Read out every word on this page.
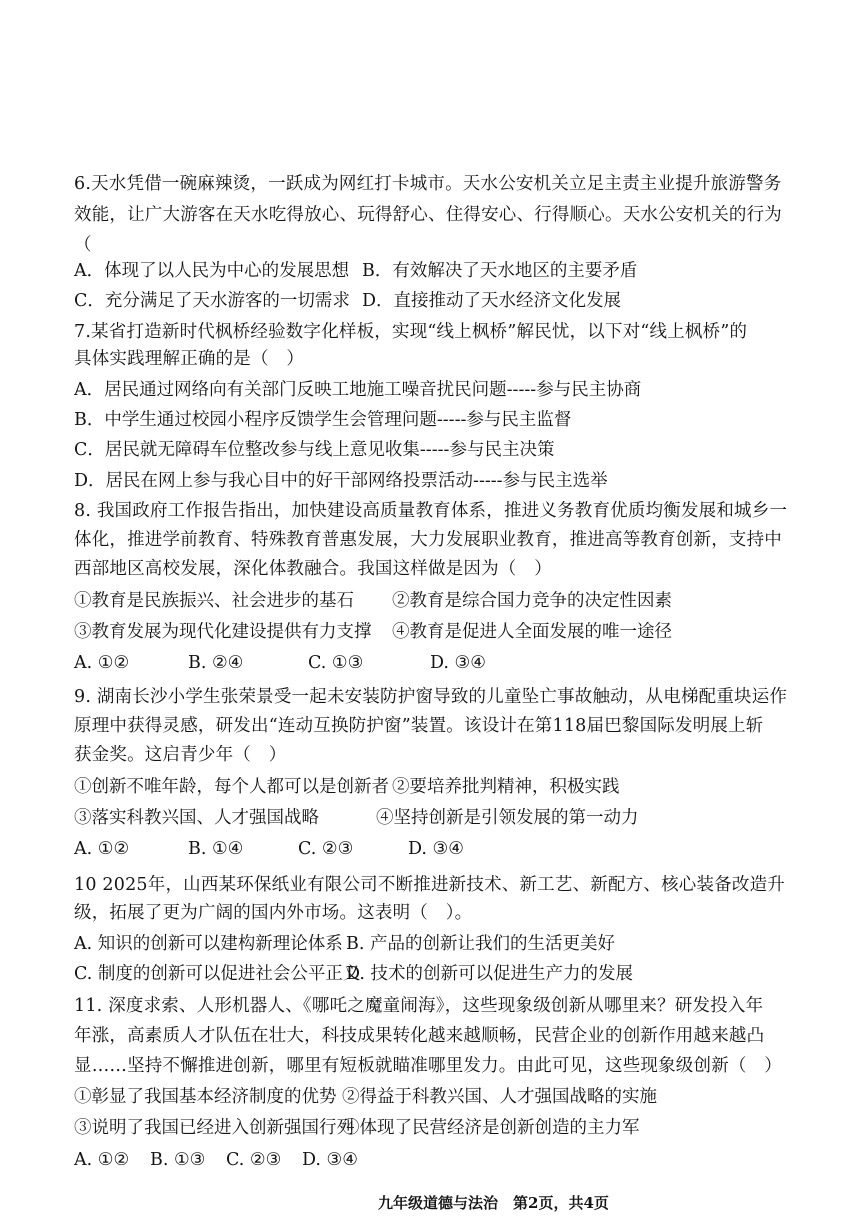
6.天水凭借一碗麻辣烫，一跃成为网红打卡城市。天水公安机关立足主责主业提升旅游警务
效能，让广大游客在天水吃得放心、玩得舒心、住得安心、行得顺心。天水公安机关的行为
（
A．体现了以人民为中心的发展思想 B．有效解决了天水地区的主要矛盾
C．充分满足了天水游客的一切需求 D．直接推动了天水经济文化发展
7.某省打造新时代枫桥经验数字化样板，实现“线上枫桥”解民忧，以下对“线上枫桥”的
具体实践理解正确的是（　）
A．居民通过网络向有关部门反映工地施工噪音扰民问题-----参与民主协商
B．中学生通过校园小程序反馈学生会管理问题-----参与民主监督
C．居民就无障碍车位整改参与线上意见收集-----参与民主决策
D．居民在网上参与我心目中的好干部网络投票活动-----参与民主选举
8. 我国政府工作报告指出，加快建设高质量教育体系，推进义务教育优质均衡发展和城乡一
体化，推进学前教育、特殊教育普惠发展，大力发展职业教育，推进高等教育创新，支持中
西部地区高校发展，深化体教融合。我国这样做是因为（　）
①教育是民族振兴、社会进步的基石 ②教育是综合国力竞争的决定性因素
③教育发展为现代化建设提供有力支撑 ④教育是促进人全面发展的唯一途径
A. ①②	B. ②④	C. ①③	D. ③④
9. 湖南长沙小学生张荣景受一起未安装防护窗导致的儿童坠亡事故触动，从电梯配重块运作
原理中获得灵感，研发出“连动互换防护窗”装置。该设计在第118届巴黎国际发明展上斩
获金奖。这启青少年（　）
①创新不唯年龄，每个人都可以是创新者 ②要培养批判精神，积极实践
③落实科教兴国、人才强国战略	④坚持创新是引领发展的第一动力
A. ①②	B. ①④	C. ②③	D. ③④
10 2025年，山西某环保纸业有限公司不断推进新技术、新工艺、新配方、核心装备改造升
级，拓展了更为广阔的国内外市场。这表明（　）。
A. 知识的创新可以建构新理论体系 B. 产品的创新让我们的生活更美好
C. 制度的创新可以促进社会公平正义
D. 技术的创新可以促进生产力的发展
11. 深度求索、人形机器人、《哪吒之魔童闹海》，这些现象级创新从哪里来？研发投入年
年涨，高素质人才队伍在壮大，科技成果转化越来越顺畅，民营企业的创新作用越来越凸
显……坚持不懈推进创新，哪里有短板就瞄准哪里发力。由此可见，这些现象级创新（　）
①彰显了我国基本经济制度的优势 ②得益于科教兴国、人才强国战略的实施
③说明了我国已经进入创新强国行列
④体现了民营经济是创新创造的主力军
A. ①② B. ①③ C. ②③ D. ③④
九年级道德与法治　第2页，共4页
